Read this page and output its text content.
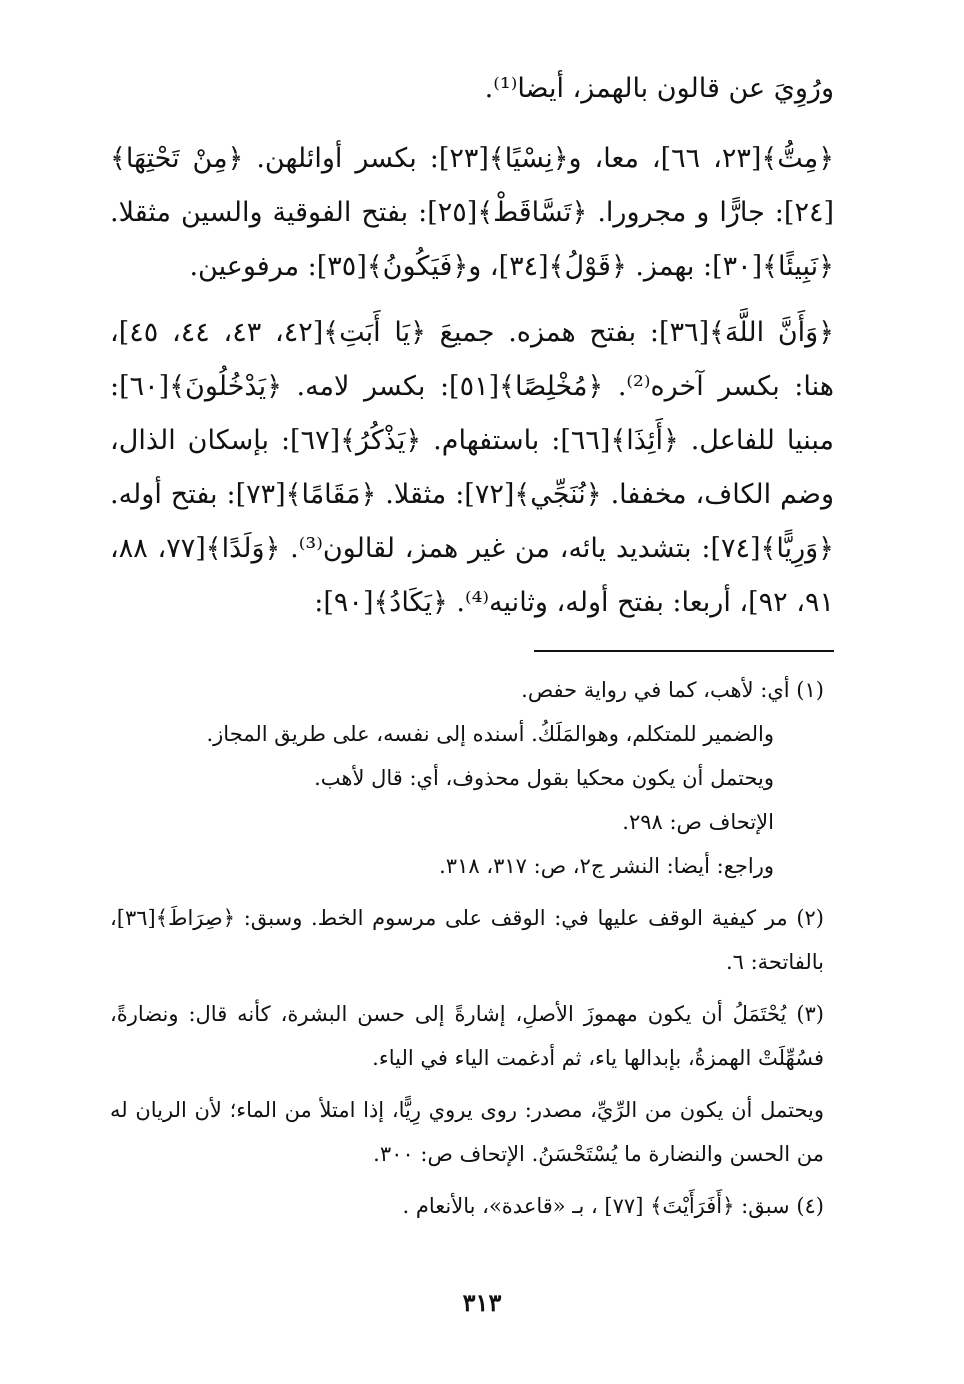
ورُوِيَ عن قالون بالهمز، أيضا⁽¹⁾.

﴿مِتُّ﴾[٢٣، ٦٦]، معا، و﴿نِسْيًا﴾[٢٣]: بكسر أوائلهن. ﴿مِنْ تَحْتِهَا﴾[٢٤]: جارًّا و مجرورا. ﴿تَسَّاقَطْ﴾[٢٥]: بفتح الفوقية والسين مثقلا. ﴿نَبِيئًا﴾[٣٠]: بهمز. ﴿قَوْلُ﴾[٣٤]، و﴿فَيَكُونُ﴾[٣٥]: مرفوعين.

﴿وَأَنَّ اللَّهَ﴾[٣٦]: بفتح همزه. جميعَ ﴿يَا أَبَتِ﴾[٤٢، ٤٣، ٤٤، ٤٥]، هنا: بكسر آخره⁽²⁾. ﴿مُخْلِصًا﴾[٥١]: بكسر لامه. ﴿يَدْخُلُونَ﴾[٦٠]: مبنيا للفاعل. ﴿أَئِذَا﴾[٦٦]: باستفهام. ﴿يَذْكُرُ﴾[٦٧]: بإسكان الذال، وضم الكاف، مخففا. ﴿نُنَجِّي﴾[٧٢]: مثقلا. ﴿مَقَامًا﴾[٧٣]: بفتح أوله. ﴿وَرِيًّا﴾[٧٤]: بتشديد يائه، من غير همز، لقالون⁽³⁾. ﴿وَلَدًا﴾[٧٧، ٨٨، ٩١، ٩٢]، أربعا: بفتح أوله، وثانيه⁽⁴⁾. ﴿يَكَادُ﴾[٩٠]:

(١) أي: لأهب، كما في رواية حفص.

والضمير للمتكلم، وهوالمَلَكُ. أسنده إلى نفسه، على طريق المجاز.

ويحتمل أن يكون محكيا بقول محذوف، أي: قال لأهب.

الإتحاف ص: ٢٩٨.

وراجع: أيضا: النشر ج٢، ص: ٣١٧، ٣١٨.

(٢) مر كيفية الوقف عليها في: الوقف على مرسوم الخط. وسبق: ﴿صِرَاطَ﴾[٣٦]، بالفاتحة: ٦.

(٣) يُحْتَمَلُ أن يكون مهموزَ الأصلِ، إشارةً إلى حسن البشرة، كأنه قال: ونضارةً، فسُهِّلَتْ الهمزةُ، بإبدالها ياء، ثم أدغمت الياء في الياء.

ويحتمل أن يكون من الرِّيِّ، مصدر: روى يروي رِيًّا، إذا امتلأ من الماء؛ لأن الريان له من الحسن والنضارة ما يُسْتَحْسَنُ. الإتحاف ص: ٣٠٠.

(٤) سبق: ﴿أَفَرَأَيْتَ﴾ [٧٧] ، بـ «قاعدة»، بالأنعام .

٣١٣
